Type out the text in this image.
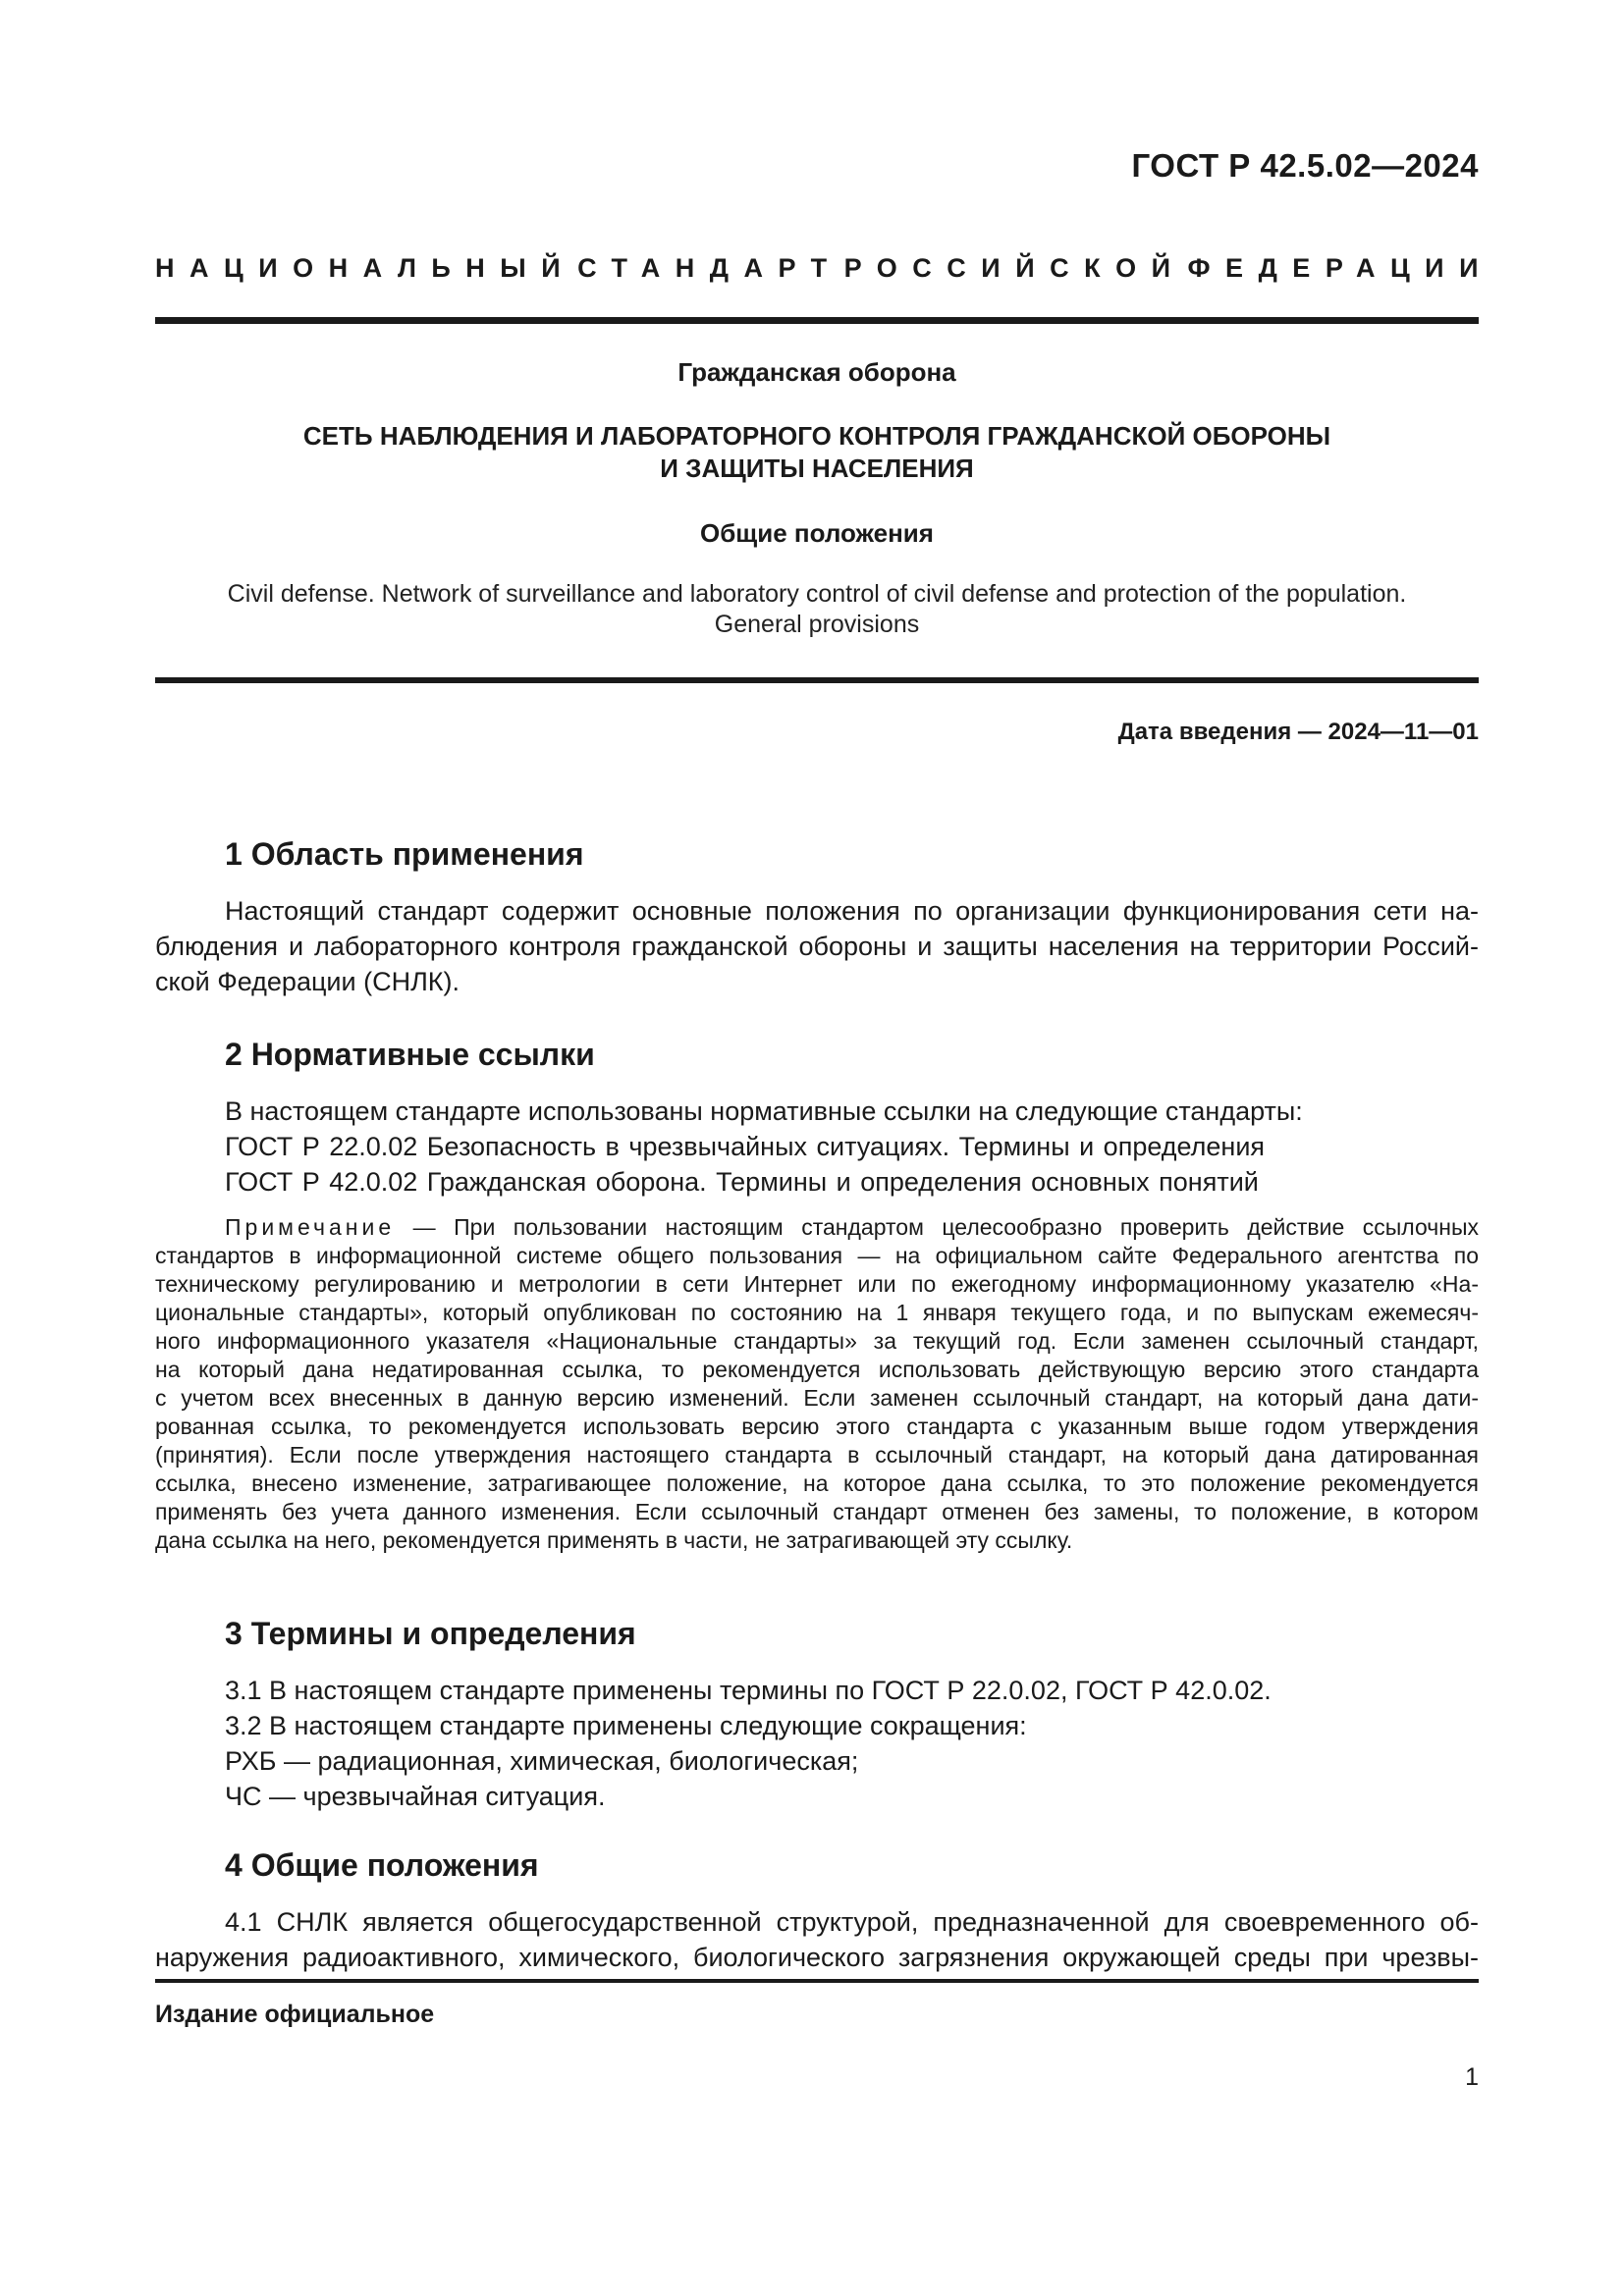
ГОСТ Р 42.5.02—2024
НАЦИОНАЛЬНЫЙ СТАНДАРТ РОССИЙСКОЙ ФЕДЕРАЦИИ
Гражданская оборона
СЕТЬ НАБЛЮДЕНИЯ И ЛАБОРАТОРНОГО КОНТРОЛЯ ГРАЖДАНСКОЙ ОБОРОНЫ
И ЗАЩИТЫ НАСЕЛЕНИЯ
Общие положения
Civil defense. Network of surveillance and laboratory control of civil defense and protection of the population.
General provisions
Дата введения — 2024—11—01
1 Область применения
Настоящий стандарт содержит основные положения по организации функционирования сети на-
блюдения и лабораторного контроля гражданской обороны и защиты населения на территории Россий-
ской Федерации (СНЛК).
2 Нормативные ссылки
В настоящем стандарте использованы нормативные ссылки на следующие стандарты:
ГОСТ Р 22.0.02 Безопасность в чрезвычайных ситуациях. Термины и определения
ГОСТ Р 42.0.02 Гражданская оборона. Термины и определения основных понятий
Примечание — При пользовании настоящим стандартом целесообразно проверить действие ссылочных
стандартов в информационной системе общего пользования — на официальном сайте Федерального агентства по
техническому регулированию и метрологии в сети Интернет или по ежегодному информационному указателю «На-
циональные стандарты», который опубликован по состоянию на 1 января текущего года, и по выпускам ежемесяч-
ного информационного указателя «Национальные стандарты» за текущий год. Если заменен ссылочный стандарт,
на который дана недатированная ссылка, то рекомендуется использовать действующую версию этого стандарта
с учетом всех внесенных в данную версию изменений. Если заменен ссылочный стандарт, на который дана дати-
рованная ссылка, то рекомендуется использовать версию этого стандарта с указанным выше годом утверждения
(принятия). Если после утверждения настоящего стандарта в ссылочный стандарт, на который дана датированная
ссылка, внесено изменение, затрагивающее положение, на которое дана ссылка, то это положение рекомендуется
применять без учета данного изменения. Если ссылочный стандарт отменен без замены, то положение, в котором
дана ссылка на него, рекомендуется применять в части, не затрагивающей эту ссылку.
3 Термины и определения
3.1 В настоящем стандарте применены термины по ГОСТ Р 22.0.02, ГОСТ Р 42.0.02.
3.2 В настоящем стандарте применены следующие сокращения:
РХБ — радиационная, химическая, биологическая;
ЧС — чрезвычайная ситуация.
4 Общие положения
4.1 СНЛК является общегосударственной структурой, предназначенной для своевременного об-
наружения радиоактивного, химического, биологического загрязнения окружающей среды при чрезвы-
Издание официальное
1
